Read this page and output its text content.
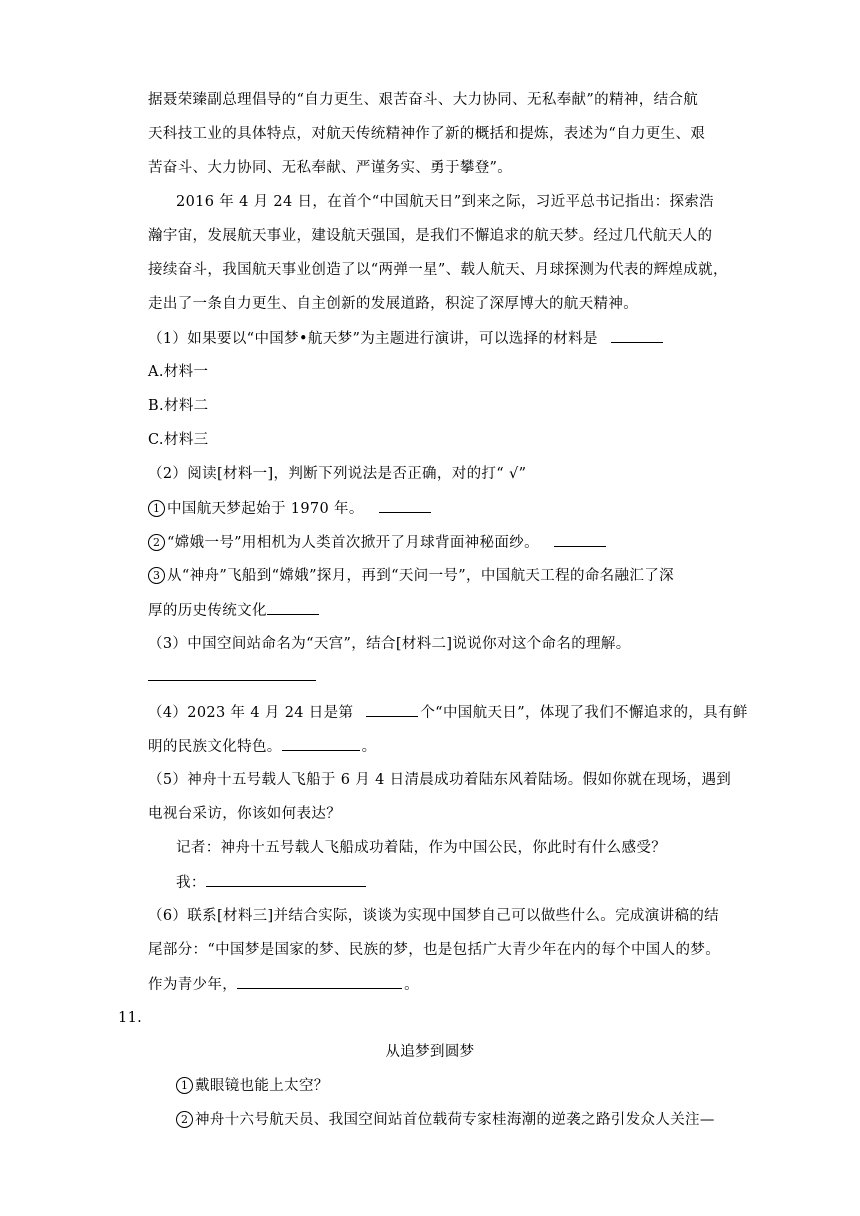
据聂荣臻副总理倡导的“自力更生、艰苦奋斗、大力协同、无私奉献”的精神，结合航
天科技工业的具体特点，对航天传统精神作了新的概括和提炼，表述为“自力更生、艰
苦奋斗、大力协同、无私奉献、严谨务实、勇于攀登”。
2016 年 4 月 24 日，在首个“中国航天日”到来之际，习近平总书记指出：探索浩
瀚宇宙，发展航天事业，建设航天强国，是我们不懈追求的航天梦。经过几代航天人的
接续奋斗，我国航天事业创造了以“两弹一星”、载人航天、月球探测为代表的辉煌成就，
走出了一条自力更生、自主创新的发展道路，积淀了深厚博大的航天精神。
（1）如果要以“中国梦•航天梦”为主题进行演讲，可以选择的材料是
A.材料一
B.材料二
C.材料三
（2）阅读[材料一]，判断下列说法是否正确，对的打“ √”
1 中国航天梦起始于 1970 年。
2 “嫦娥一号”用相机为人类首次掀开了月球背面神秘面纱。
3 从“神舟”飞船到“嫦娥”探月，再到“天问一号”，中国航天工程的命名融汇了深
厚的历史传统文化
（3）中国空间站命名为“天宫”，结合[材料二]说说你对这个命名的理解。
（4）2023 年 4 月 24 日是第	个“中国航天日”，体现了我们不懈追求的，具有鲜
明的民族文化特色。	。
（5）神舟十五号载人飞船于 6 月 4 日清晨成功着陆东风着陆场。假如你就在现场，遇到
电视台采访，你该如何表达？
记者：神舟十五号载人飞船成功着陆，作为中国公民，你此时有什么感受？
我：
（6）联系[材料三]并结合实际，谈谈为实现中国梦自己可以做些什么。完成演讲稿的结
尾部分：“中国梦是国家的梦、民族的梦，也是包括广大青少年在内的每个中国人的梦。
作为青少年，	。
11.
从追梦到圆梦
1 戴眼镜也能上太空？
2 神舟十六号航天员、我国空间站首位载荷专家桂海潮的逆袭之路引发众人关注—
